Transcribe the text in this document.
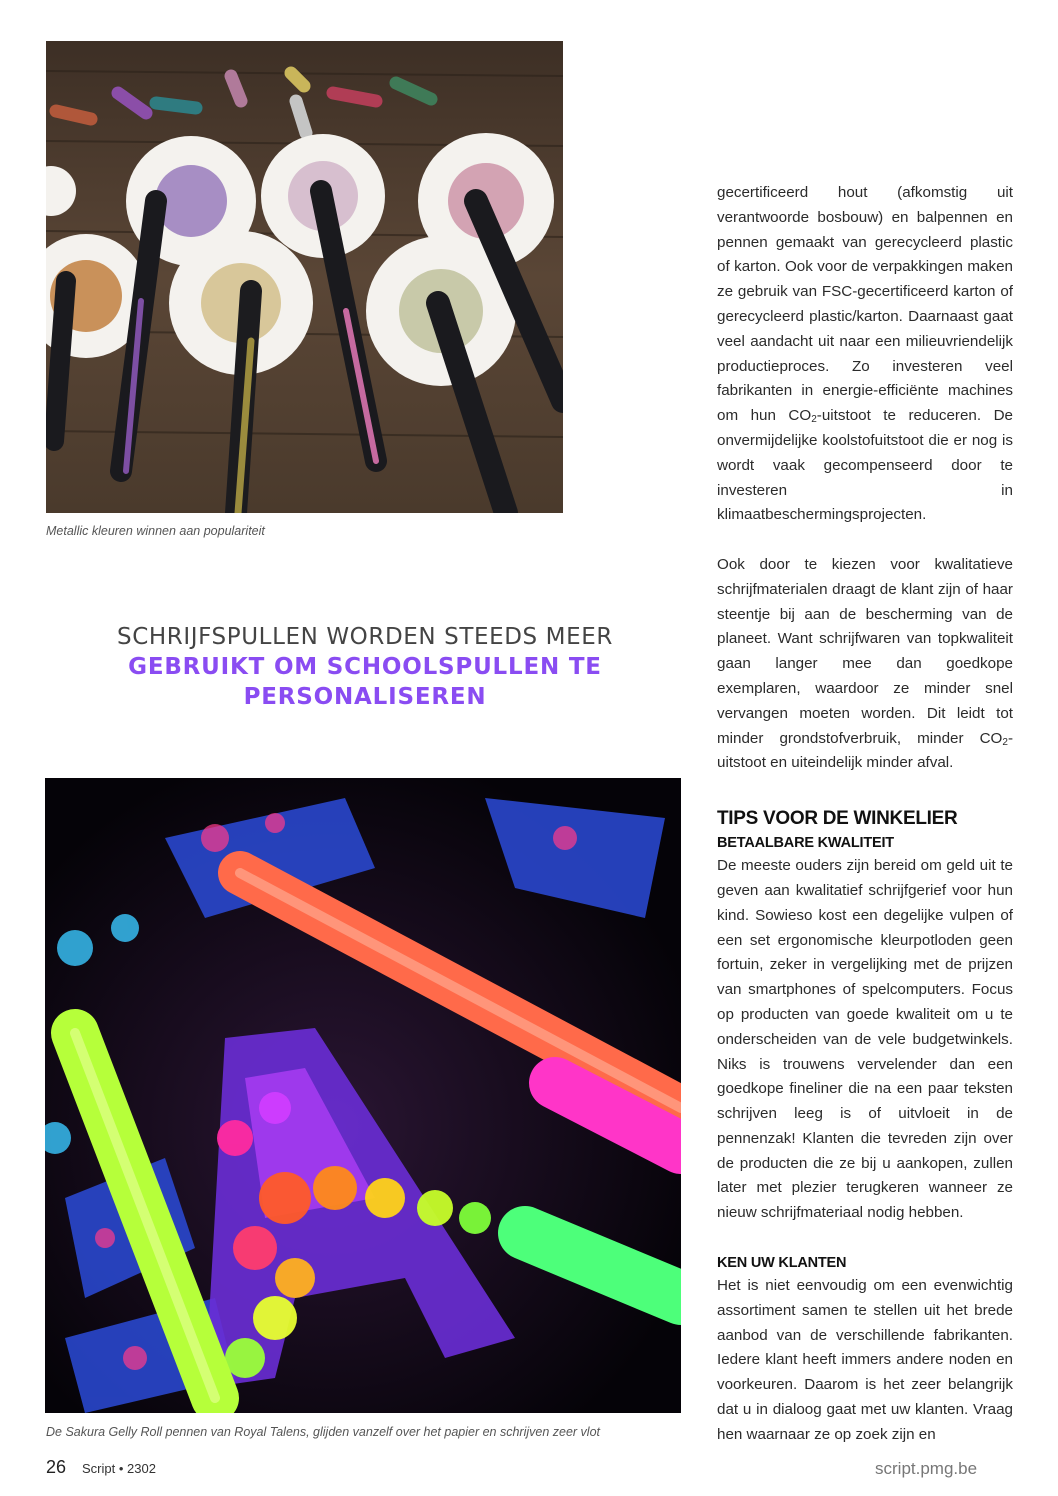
Metallic kleuren winnen aan populariteit
SCHRIJFSPULLEN WORDEN STEEDS MEER
GEBRUIKT OM SCHOOLSPULLEN TE
PERSONALISEREN
De Sakura Gelly Roll pennen van Royal Talens, glijden vanzelf over het papier en schrijven zeer vlot

gecertificeerd hout (afkomstig uit verantwoorde bosbouw) en balpennen en pennen gemaakt van gerecycleerd plastic of karton. Ook voor de verpakkingen maken ze gebruik van FSC-gecertificeerd karton of gerecycleerd plastic/karton. Daarnaast gaat veel aandacht uit naar een milieuvriendelijk productieproces. Zo investeren veel fabrikanten in energie-efficiënte machines om hun $CO_2$-uitstoot te reduceren. De onvermijdelijke koolstofuitstoot die er nog is wordt vaak gecompenseerd door te investeren in klimaatbeschermingsprojecten.

Ook door te kiezen voor kwalitatieve schrijfmaterialen draagt de klant zijn of haar steentje bij aan de bescherming van de planeet. Want schrijfwaren van topkwaliteit gaan langer mee dan goedkope exemplaren, waardoor ze minder snel vervangen moeten worden. Dit leidt tot minder grondstofverbruik, minder $CO_2$-uitstoot en uiteindelijk minder afval.

TIPS VOOR DE WINKELIER
BETAALBARE KWALITEIT

De meeste ouders zijn bereid om geld uit te geven aan kwalitatief schrijfgerief voor hun kind. Sowieso kost een degelijke vulpen of een set ergonomische kleurpotloden geen fortuin, zeker in vergelijking met de prijzen van smartphones of spelcomputers. Focus op producten van goede kwaliteit om u te onderscheiden van de vele budgetwinkels. Niks is trouwens vervelender dan een goedkope fineliner die na een paar teksten schrijven leeg is of uitvloeit in de pennenzak! Klanten die tevreden zijn over de producten die ze bij u aankopen, zullen later met plezier terugkeren wanneer ze nieuw schrijfmateriaal nodig hebben.

KEN UW KLANTEN

Het is niet eenvoudig om een evenwichtig assortiment samen te stellen uit het brede aanbod van de verschillende fabrikanten. Iedere klant heeft immers andere noden en voorkeuren. Daarom is het zeer belangrijk dat u in dialoog gaat met uw klanten. Vraag hen waarnaar ze op zoek zijn en

26 Script • 2302	script.pmg.be
